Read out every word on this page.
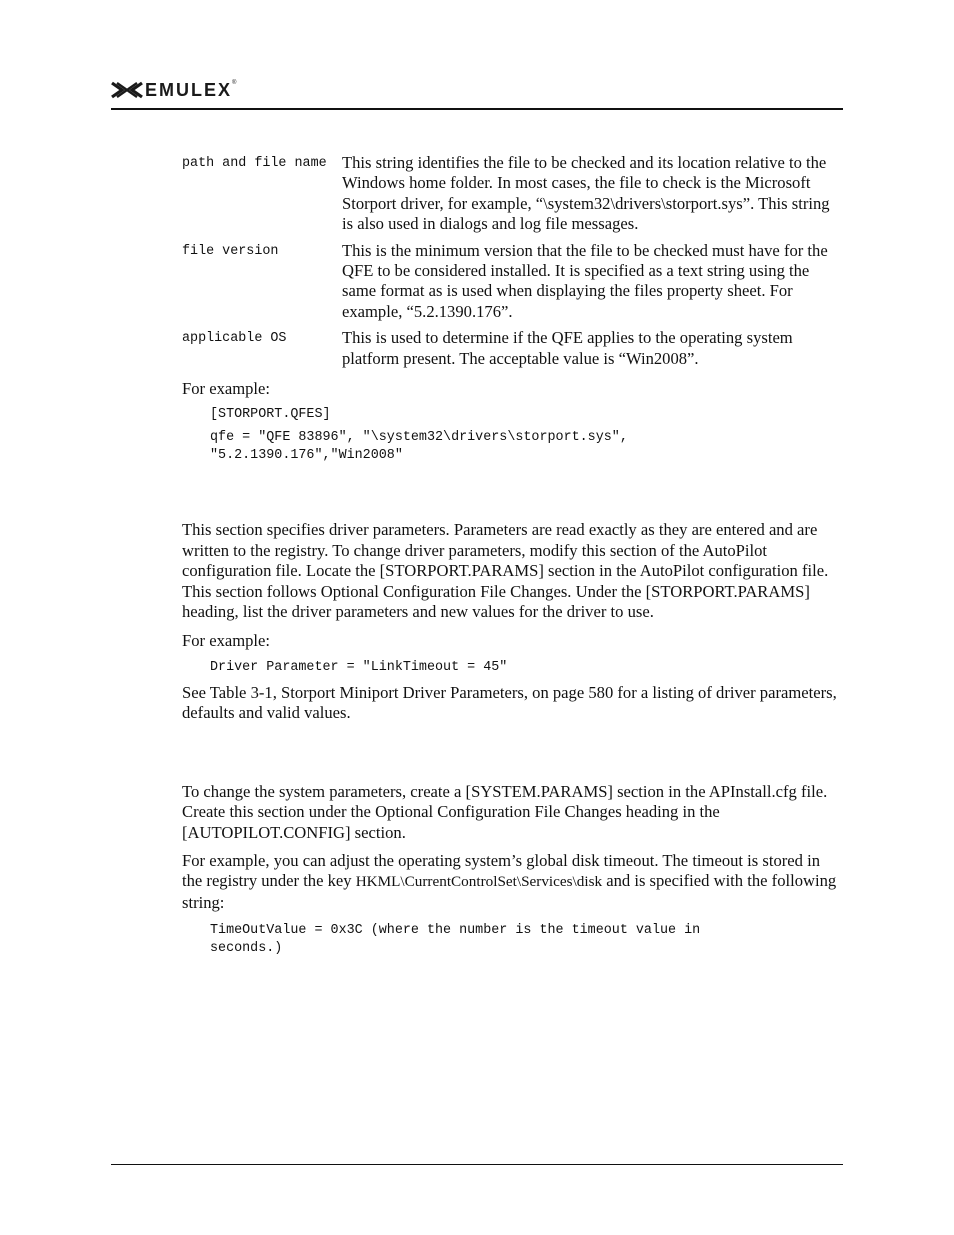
EMULEX®
path and file name	This string identifies the file to be checked and its location relative to the Windows home folder. In most cases, the file to check is the Microsoft Storport driver, for example, “\system32\drivers\storport.sys”. This string is also used in dialogs and log file messages.
file version	This is the minimum version that the file to be checked must have for the QFE to be considered installed. It is specified as a text string using the same format as is used when displaying the files property sheet. For example, “5.2.1390.176”.
applicable OS	This is used to determine if the QFE applies to the operating system platform present. The acceptable value is “Win2008”.

For example:

[STORPORT.QFES]
qfe = "QFE 83896", "\system32\drivers\storport.sys",
"5.2.1390.176","Win2008"

This section specifies driver parameters. Parameters are read exactly as they are entered and are written to the registry. To change driver parameters, modify this section of the AutoPilot configuration file. Locate the [STORPORT.PARAMS] section in the AutoPilot configuration file. This section follows Optional Configuration File Changes. Under the [STORPORT.PARAMS] heading, list the driver parameters and new values for the driver to use.

For example:

Driver Parameter = "LinkTimeout = 45"

See Table 3-1, Storport Miniport Driver Parameters, on page 580 for a listing of driver parameters, defaults and valid values.

To change the system parameters, create a [SYSTEM.PARAMS] section in the APInstall.cfg file. Create this section under the Optional Configuration File Changes heading in the [AUTOPILOT.CONFIG] section.

For example, you can adjust the operating system’s global disk timeout. The timeout is stored in the registry under the key HKML\CurrentControlSet\Services\disk and is specified with the following string:

TimeOutValue = 0x3C (where the number is the timeout value in
seconds.)
